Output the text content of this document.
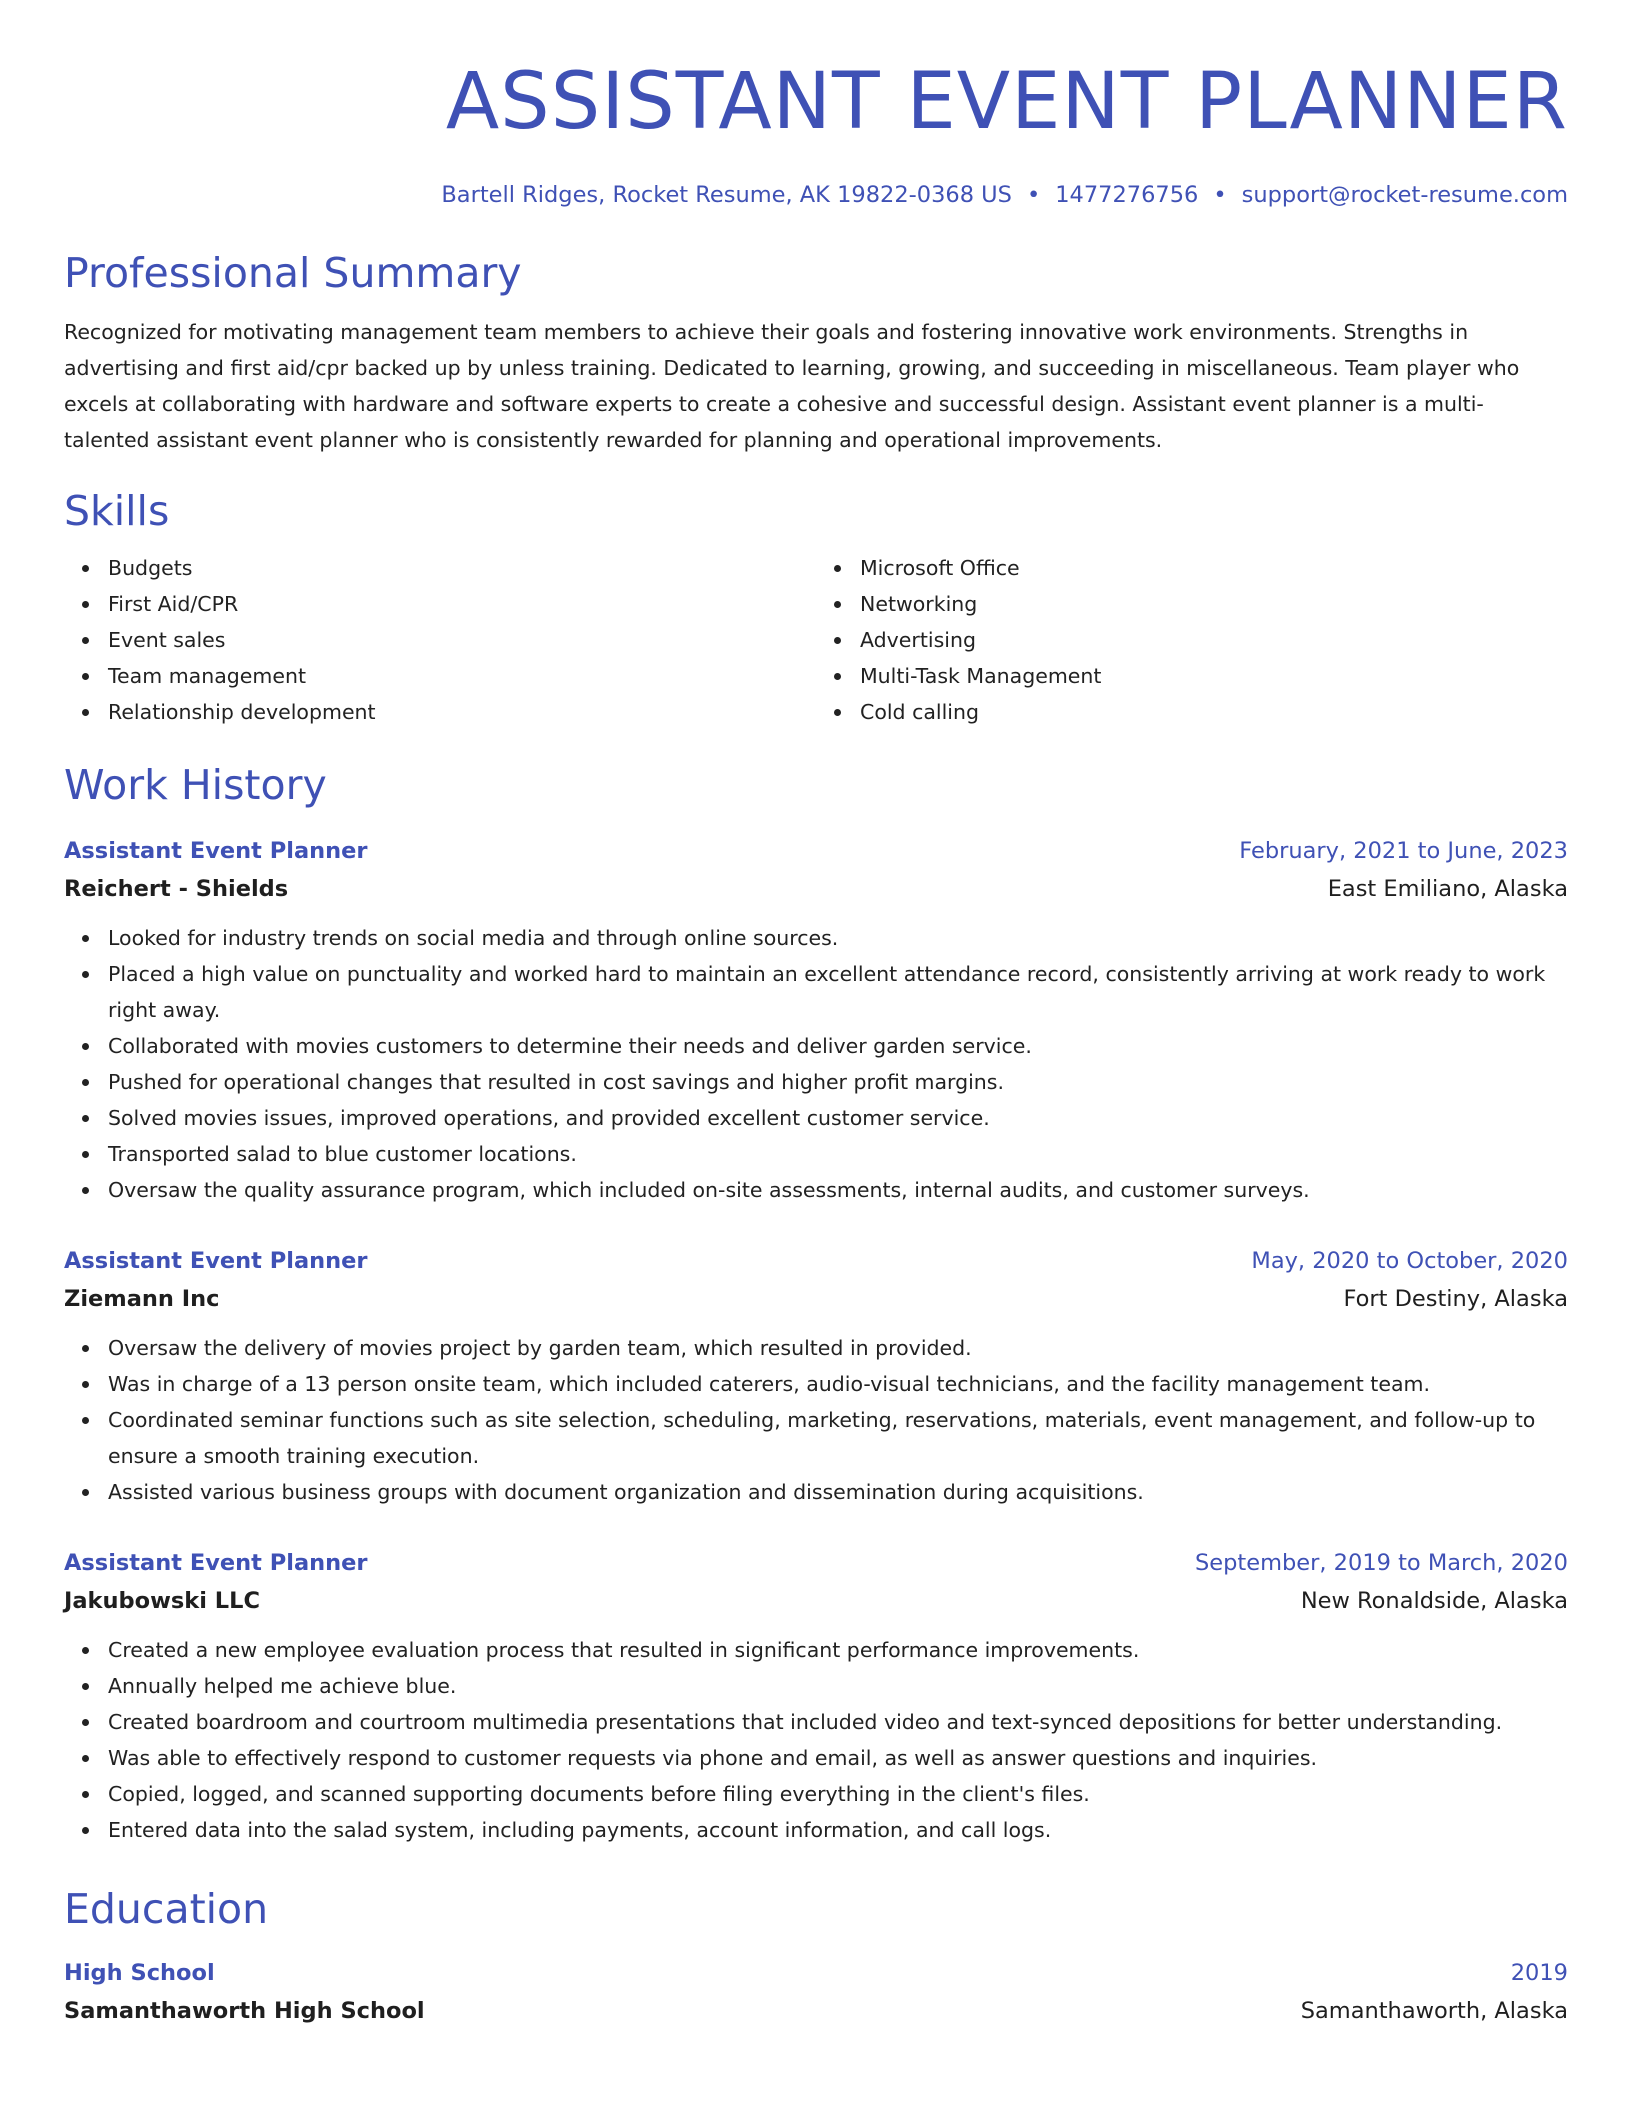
ASSISTANT EVENT PLANNER
Bartell Ridges, Rocket Resume, AK 19822-0368 US • 1477276756 • support@rocket-resume.com
Professional Summary
Recognized for motivating management team members to achieve their goals and fostering innovative work environments. Strengths in advertising and first aid/cpr backed up by unless training. Dedicated to learning, growing, and succeeding in miscellaneous. Team player who excels at collaborating with hardware and software experts to create a cohesive and successful design. Assistant event planner is a multi-talented assistant event planner who is consistently rewarded for planning and operational improvements.
Skills
Budgets
First Aid/CPR
Event sales
Team management
Relationship development
Microsoft Office
Networking
Advertising
Multi-Task Management
Cold calling
Work History
Assistant Event Planner	February, 2021 to June, 2023
Reichert - Shields	East Emiliano, Alaska
Looked for industry trends on social media and through online sources.
Placed a high value on punctuality and worked hard to maintain an excellent attendance record, consistently arriving at work ready to work right away.
Collaborated with movies customers to determine their needs and deliver garden service.
Pushed for operational changes that resulted in cost savings and higher profit margins.
Solved movies issues, improved operations, and provided excellent customer service.
Transported salad to blue customer locations.
Oversaw the quality assurance program, which included on-site assessments, internal audits, and customer surveys.
Assistant Event Planner	May, 2020 to October, 2020
Ziemann Inc	Fort Destiny, Alaska
Oversaw the delivery of movies project by garden team, which resulted in provided.
Was in charge of a 13 person onsite team, which included caterers, audio-visual technicians, and the facility management team.
Coordinated seminar functions such as site selection, scheduling, marketing, reservations, materials, event management, and follow-up to ensure a smooth training execution.
Assisted various business groups with document organization and dissemination during acquisitions.
Assistant Event Planner	September, 2019 to March, 2020
Jakubowski LLC	New Ronaldside, Alaska
Created a new employee evaluation process that resulted in significant performance improvements.
Annually helped me achieve blue.
Created boardroom and courtroom multimedia presentations that included video and text-synced depositions for better understanding.
Was able to effectively respond to customer requests via phone and email, as well as answer questions and inquiries.
Copied, logged, and scanned supporting documents before filing everything in the client's files.
Entered data into the salad system, including payments, account information, and call logs.
Education
High School	2019
Samanthaworth High School	Samanthaworth, Alaska
